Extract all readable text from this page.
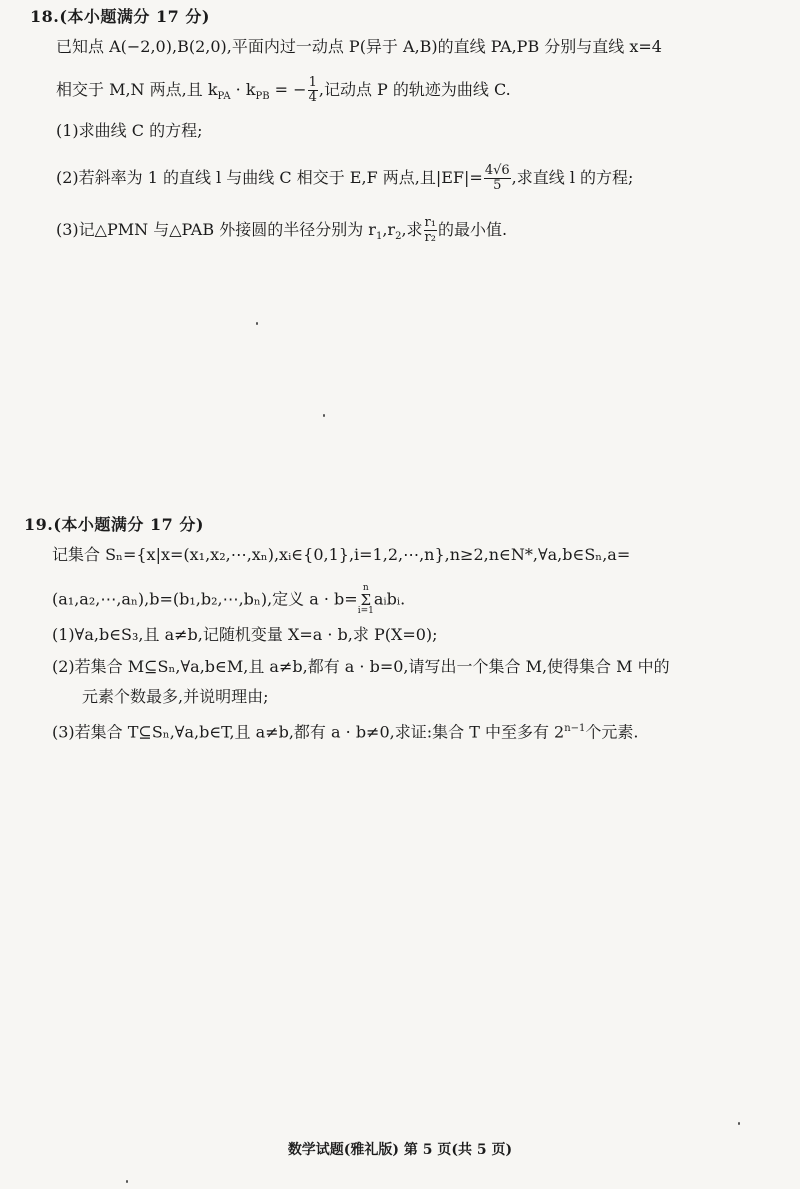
18.(本小题满分 17 分)
已知点 A(−2,0),B(2,0),平面内过一动点 P(异于 A,B)的直线 PA,PB 分别与直线 x=4
相交于 M,N 两点,且 $k_{PA} \cdot k_{PB}$ = − $\frac{1}{4}$ ,记动点 P 的轨迹为曲线 C.
(1)求曲线 C 的方程;
(2)若斜率为 1 的直线 l 与曲线 C 相交于 E,F 两点,且$|EF|= \frac{4√6}{5}$ ,求直线 l 的方程;
(3)记△PMN 与△PAB 外接圆的半径分别为 $r_1,r_2$,求 $\frac{\text{r₁}}{\text{r₂}}$ 的最小值.
19.(本小题满分 17 分)
记集合 Sₙ={x|x=(x₁,x₂,⋯,xₙ),xᵢ∈{0,1},i=1,2,⋯,n},n≥2,n∈N*,∀a,b∈Sₙ,a=
(a₁,a₂,⋯,aₙ),b=(b₁,b₂,⋯,bₙ),定义 a · b=
n
Σ
i=1
aᵢbᵢ.
(1)∀a,b∈S₃,且 a≠b,记随机变量 X=a · b,求 P(X=0);
(2)若集合 M⊆Sₙ,∀a,b∈M,且 a≠b,都有 a · b=0,请写出一个集合 M,使得集合 M 中的
元素个数最多,并说明理由;
(3)若集合 T⊆Sₙ,∀a,b∈T,且 a≠b,都有 a · b≠0,求证:集合 T 中至多有 $2^{n-1}$个元素.
数学试题(雅礼版) 第 5 页(共 5 页)
